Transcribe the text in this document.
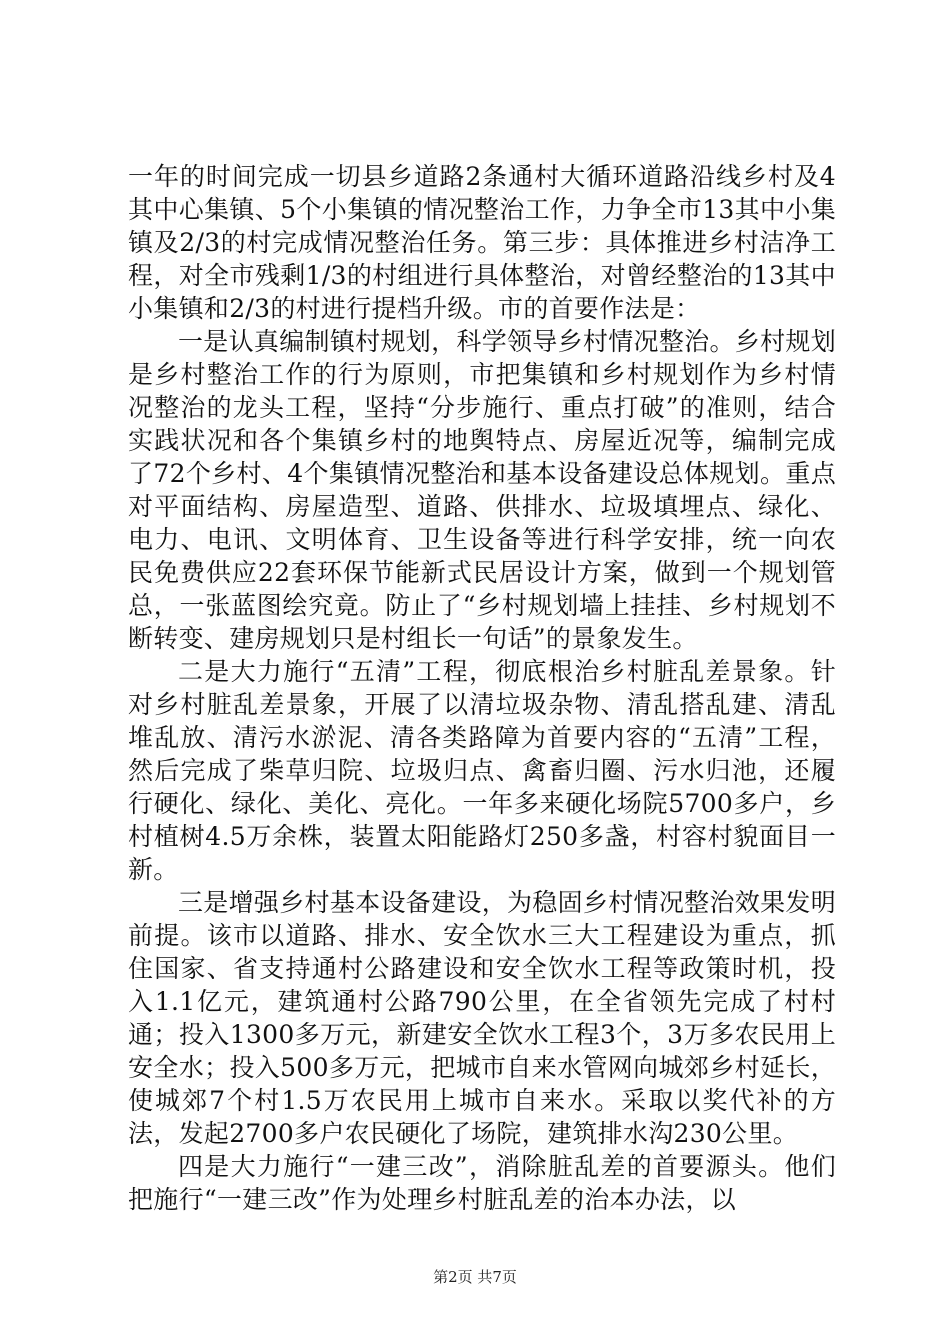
一年的时间完成一切县乡道路2条通村大循环道路沿线乡村及4其中心集镇、5个小集镇的情况整治工作，力争全市13其中小集镇及2/3的村完成情况整治任务。第三步：具体推进乡村洁净工程，对全市残剩1/3的村组进行具体整治，对曾经整治的13其中小集镇和2/3的村进行提档升级。市的首要作法是：

一是认真编制镇村规划，科学领导乡村情况整治。乡村规划是乡村整治工作的行为原则，市把集镇和乡村规划作为乡村情况整治的龙头工程，坚持“分步施行、重点打破”的准则，结合实践状况和各个集镇乡村的地舆特点、房屋近况等，编制完成了72个乡村、4个集镇情况整治和基本设备建设总体规划。重点对平面结构、房屋造型、道路、供排水、垃圾填埋点、绿化、电力、电讯、文明体育、卫生设备等进行科学安排，统一向农民免费供应22套环保节能新式民居设计方案，做到一个规划管总，一张蓝图绘究竟。防止了“乡村规划墙上挂挂、乡村规划不断转变、建房规划只是村组长一句话”的景象发生。

二是大力施行“五清”工程，彻底根治乡村脏乱差景象。针对乡村脏乱差景象，开展了以清垃圾杂物、清乱搭乱建、清乱堆乱放、清污水淤泥、清各类路障为首要内容的“五清”工程，然后完成了柴草归院、垃圾归点、禽畜归圈、污水归池，还履行硬化、绿化、美化、亮化。一年多来硬化场院5700多户，乡村植树4.5万余株，装置太阳能路灯250多盏，村容村貌面目一新。

三是增强乡村基本设备建设，为稳固乡村情况整治效果发明前提。该市以道路、排水、安全饮水三大工程建设为重点，抓住国家、省支持通村公路建设和安全饮水工程等政策时机，投入1.1亿元，建筑通村公路790公里，在全省领先完成了村村通；投入1300多万元，新建安全饮水工程3个，3万多农民用上安全水；投入500多万元，把城市自来水管网向城郊乡村延长，使城郊7个村1.5万农民用上城市自来水。采取以奖代补的方法，发起2700多户农民硬化了场院，建筑排水沟230公里。

四是大力施行“一建三改”，消除脏乱差的首要源头。他们把施行“一建三改”作为处理乡村脏乱差的治本办法，以

第2页 共7页
